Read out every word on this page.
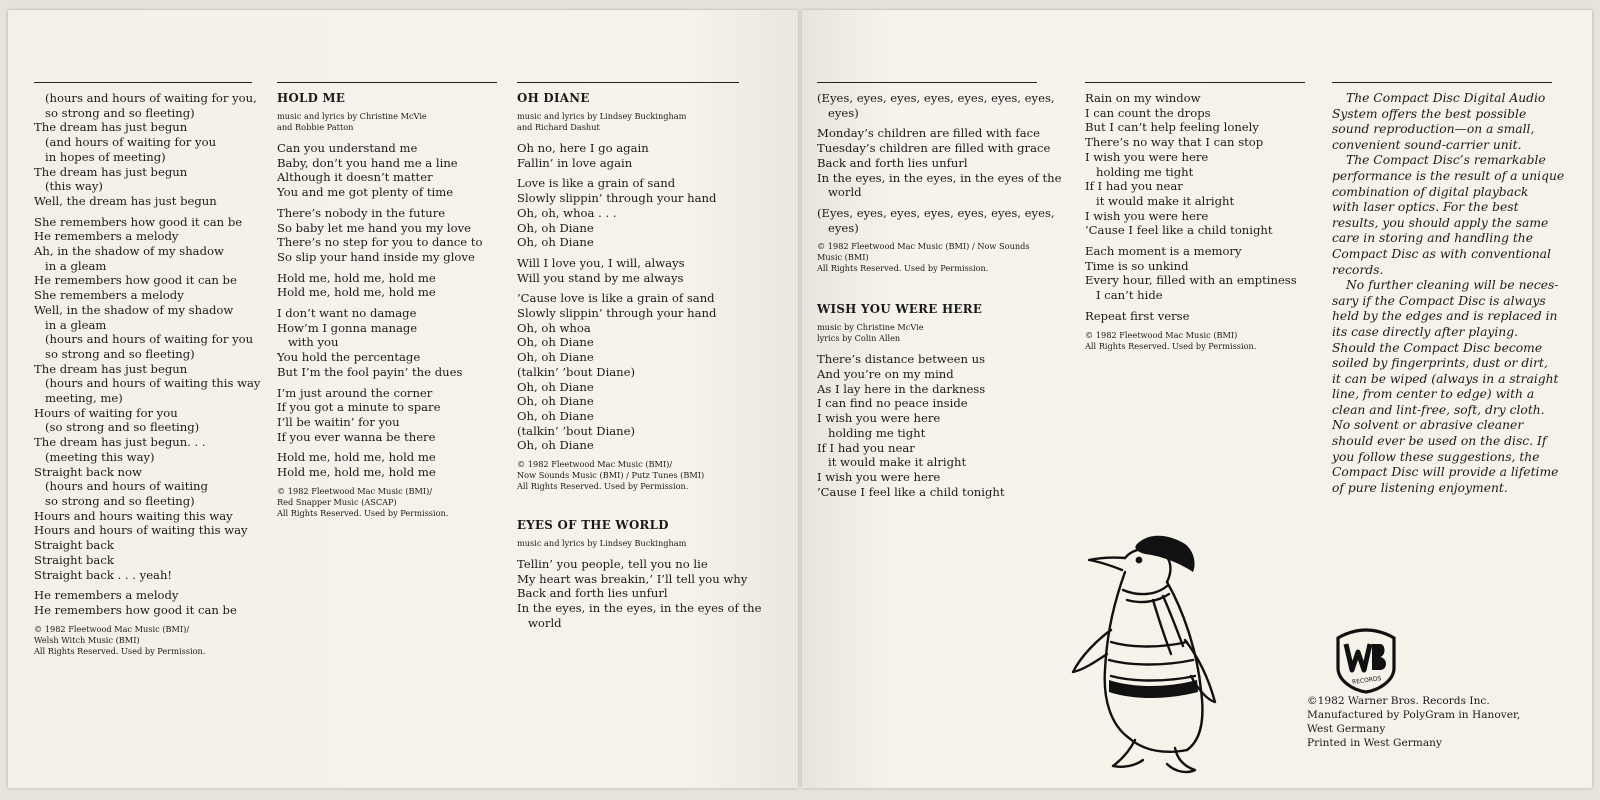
(hours and hours of waiting for you,
so strong and so fleeting)
The dream has just begun
(and hours of waiting for you
in hopes of meeting)
The dream has just begun
(this way)
Well, the dream has just begun
She remembers how good it can be
He remembers a melody
Ah, in the shadow of my shadow
in a gleam
He remembers how good it can be
She remembers a melody
Well, in the shadow of my shadow
in a gleam
(hours and hours of waiting for you
so strong and so fleeting)
The dream has just begun
(hours and hours of waiting this way
meeting, me)
Hours of waiting for you
(so strong and so fleeting)
The dream has just begun. . .
(meeting this way)
Straight back now
(hours and hours of waiting
so strong and so fleeting)
Hours and hours waiting this way
Hours and hours of waiting this way
Straight back
Straight back
Straight back . . . yeah!
He remembers a melody
He remembers how good it can be
© 1982 Fleetwood Mac Music (BMI)/
Welsh Witch Music (BMI)
All Rights Reserved. Used by Permission.
HOLD ME
music and lyrics by Christine McVie
and Robbie Patton
Can you understand me
Baby, don’t you hand me a line
Although it doesn’t matter
You and me got plenty of time
There’s nobody in the future
So baby let me hand you my love
There’s no step for you to dance to
So slip your hand inside my glove
Hold me, hold me, hold me
Hold me, hold me, hold me
I don’t want no damage
How’m I gonna manage
with you
You hold the percentage
But I’m the fool payin’ the dues
I’m just around the corner
If you got a minute to spare
I’ll be waitin’ for you
If you ever wanna be there
Hold me, hold me, hold me
Hold me, hold me, hold me
© 1982 Fleetwood Mac Music (BMI)/
Red Snapper Music (ASCAP)
All Rights Reserved. Used by Permission.
OH DIANE
music and lyrics by Lindsey Buckingham
and Richard Dashut
Oh no, here I go again
Fallin’ in love again
Love is like a grain of sand
Slowly slippin’ through your hand
Oh, oh, whoa . . .
Oh, oh Diane
Oh, oh Diane
Will I love you, I will, always
Will you stand by me always
’Cause love is like a grain of sand
Slowly slippin’ through your hand
Oh, oh whoa
Oh, oh Diane
Oh, oh Diane
(talkin’ ’bout Diane)
Oh, oh Diane
Oh, oh Diane
Oh, oh Diane
(talkin’ ’bout Diane)
Oh, oh Diane
© 1982 Fleetwood Mac Music (BMI)/
Now Sounds Music (BMI) / Putz Tunes (BMI)
All Rights Reserved. Used by Permission.
EYES OF THE WORLD
music and lyrics by Lindsey Buckingham
Tellin’ you people, tell you no lie
My heart was breakin,’ I’ll tell you why
Back and forth lies unfurl
In the eyes, in the eyes, in the eyes of the
world
(Eyes, eyes, eyes, eyes, eyes, eyes, eyes,
eyes)
Monday’s children are filled with face
Tuesday’s children are filled with grace
Back and forth lies unfurl
In the eyes, in the eyes, in the eyes of the
world
(Eyes, eyes, eyes, eyes, eyes, eyes, eyes,
eyes)
© 1982 Fleetwood Mac Music (BMI) / Now Sounds
Music (BMI)
All Rights Reserved. Used by Permission.
WISH YOU WERE HERE
music by Christine McVie
lyrics by Colin Allen
There’s distance between us
And you’re on my mind
As I lay here in the darkness
I can find no peace inside
I wish you were here
holding me tight
If I had you near
it would make it alright
I wish you were here
’Cause I feel like a child tonight
Rain on my window
I can count the drops
But I can’t help feeling lonely
There’s no way that I can stop
I wish you were here
holding me tight
If I had you near
it would make it alright
I wish you were here
’Cause I feel like a child tonight
Each moment is a memory
Time is so unkind
Every hour, filled with an emptiness
I can’t hide
Repeat first verse
© 1982 Fleetwood Mac Music (BMI)
All Rights Reserved. Used by Permission.
The Compact Disc Digital Audio
System offers the best possible
sound reproduction—on a small,
convenient sound-carrier unit.
The Compact Disc’s remarkable
performance is the result of a unique
combination of digital playback
with laser optics. For the best
results, you should apply the same
care in storing and handling the
Compact Disc as with conventional
records.
No further cleaning will be neces-
sary if the Compact Disc is always
held by the edges and is replaced in
its case directly after playing.
Should the Compact Disc become
soiled by fingerprints, dust or dirt,
it can be wiped (always in a straight
line, from center to edge) with a
clean and lint-free, soft, dry cloth.
No solvent or abrasive cleaner
should ever be used on the disc. If
you follow these suggestions, the
Compact Disc will provide a lifetime
of pure listening enjoyment.
RECORDS
©1982 Warner Bros. Records Inc.
Manufactured by PolyGram in Hanover,
West Germany
Printed in West Germany
